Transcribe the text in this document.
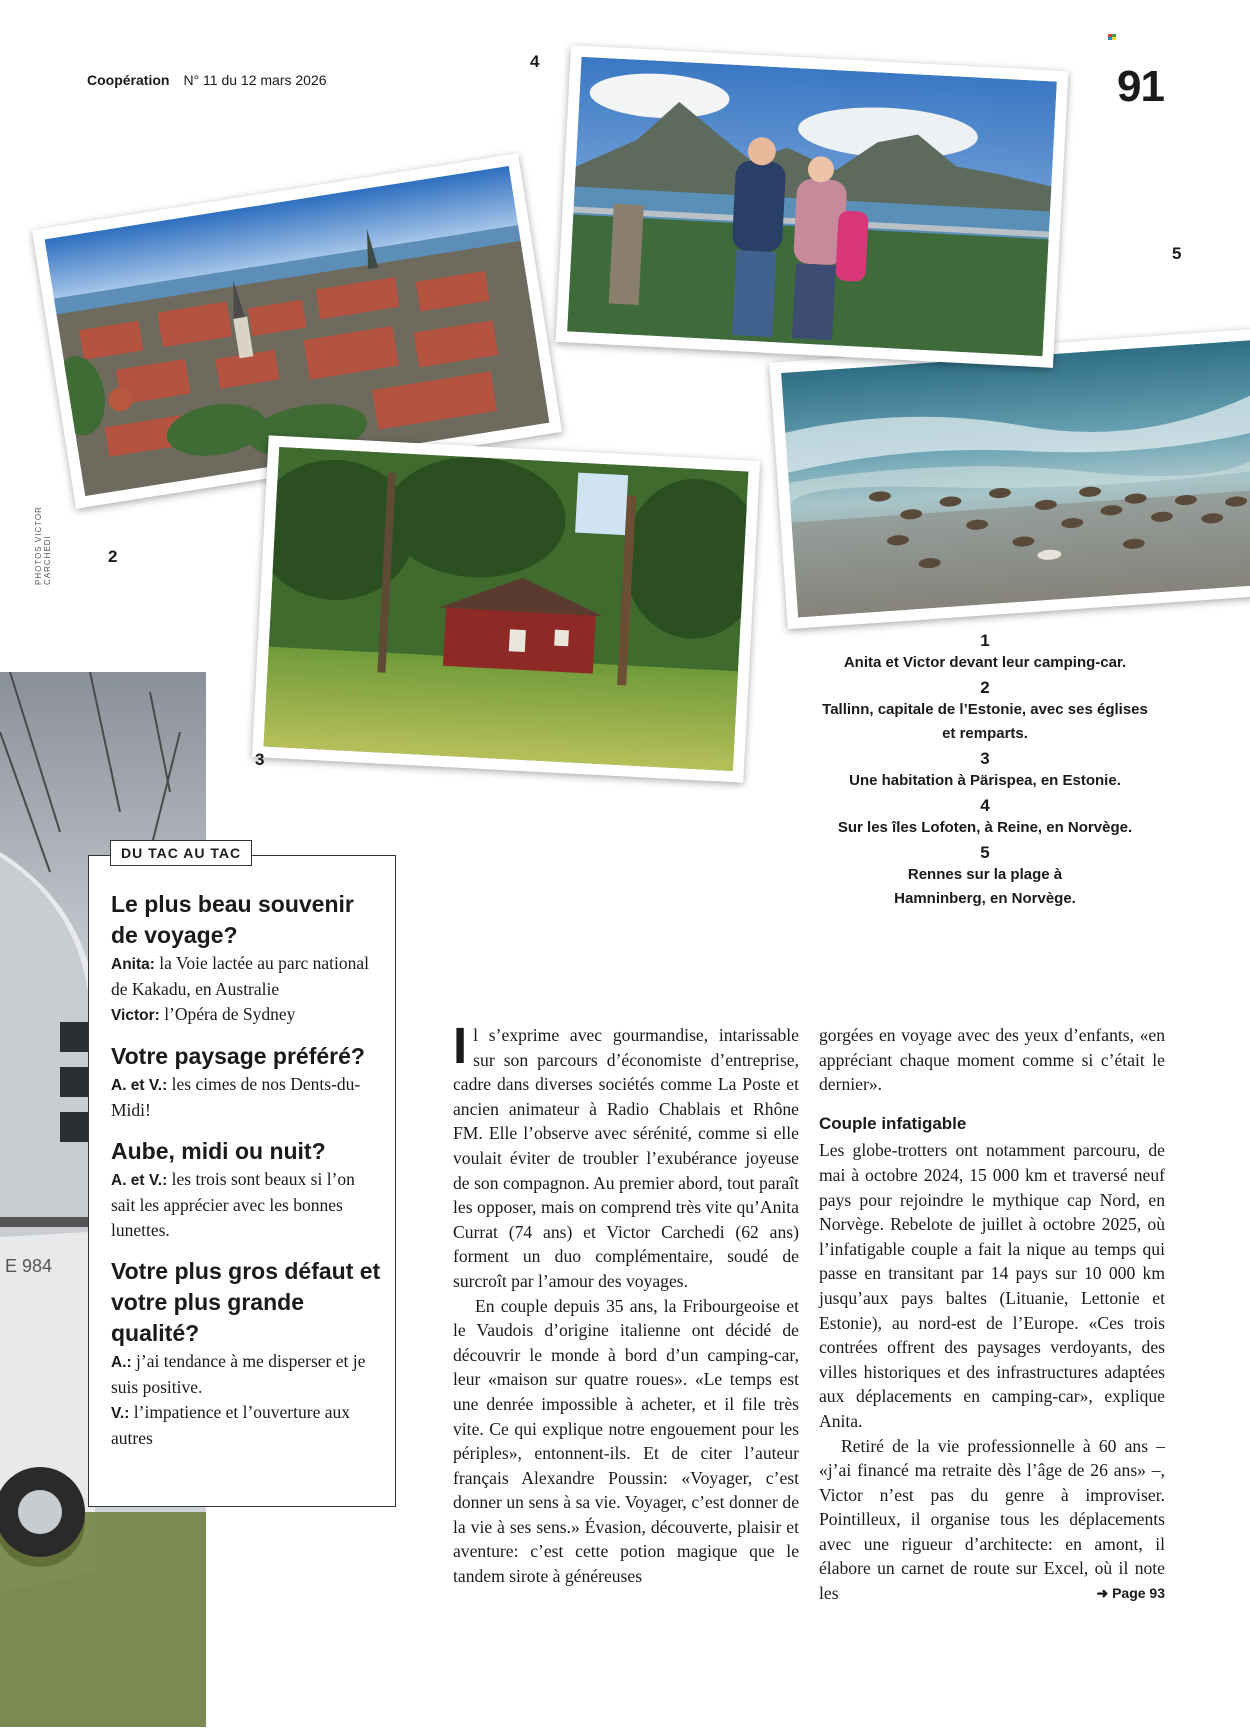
Coopération N° 11 du 12 mars 2026	91
PHOTOS VICTOR CARCHEDI
5
4
2
3
1
Anita et Victor devant leur camping-car.
2
Tallinn, capitale de l’Estonie, avec ses églises et remparts.
3
Une habitation à Pärispea, en Estonie.
4
Sur les îles Lofoten, à Reine, en Norvège.
5
Rennes sur la plage à Hamninberg, en Norvège.
E 984
DU TAC AU TAC

Le plus beau souvenir de voyage?

Anita: la Voie lactée au parc national de Kakadu, en Australie

Victor: l’Opéra de Sydney

Votre paysage préféré?

A. et V.: les cimes de nos Dents-du-Midi!

Aube, midi ou nuit?

A. et V.: les trois sont beaux si l’on sait les apprécier avec les bonnes lunettes.

Votre plus gros défaut et votre plus grande qualité?

A.: j’ai tendance à me disperser et je suis positive.

V.: l’impatience et l’ouverture aux autres

Il s’exprime avec gourmandise, intarissable sur son parcours d’économiste d’entreprise, cadre dans diverses sociétés comme La Poste et ancien animateur à Radio Chablais et Rhône FM. Elle l’observe avec sérénité, comme si elle voulait éviter de troubler l’exubérance joyeuse de son compagnon. Au premier abord, tout paraît les opposer, mais on comprend très vite qu’Anita Currat (74 ans) et Victor Carchedi (62 ans) forment un duo complémentaire, soudé de surcroît par l’amour des voyages.

En couple depuis 35 ans, la Fribourgeoise et le Vaudois d’origine italienne ont décidé de découvrir le monde à bord d’un camping-car, leur «maison sur quatre roues». «Le temps est une denrée impossible à acheter, et il file très vite. Ce qui explique notre engouement pour les périples», entonnent-ils. Et de citer l’auteur français Alexandre Poussin: «Voyager, c’est donner un sens à sa vie. Voyager, c’est donner de la vie à ses sens.» Évasion, découverte, plaisir et aventure: c’est cette potion magique que le tandem sirote à généreuses

gorgées en voyage avec des yeux d’enfants, «en appréciant chaque moment comme si c’était le dernier».

Couple infatigable

Les globe-trotters ont notamment parcouru, de mai à octobre 2024, 15 000 km et traversé neuf pays pour rejoindre le mythique cap Nord, en Norvège. Rebelote de juillet à octobre 2025, où l’infatigable couple a fait la nique au temps qui passe en transitant par 14 pays sur 10 000 km jusqu’aux pays baltes (Lituanie, Lettonie et Estonie), au nord-est de l’Europe. «Ces trois contrées offrent des paysages verdoyants, des villes historiques et des infrastructures adaptées aux déplacements en camping-car», explique Anita.

Retiré de la vie professionnelle à 60 ans – «j’ai financé ma retraite dès l’âge de 26 ans» –, Victor n’est pas du genre à improviser. Pointilleux, il organise tous les déplacements avec une rigueur d’architecte: en amont, il élabore un carnet de route sur Excel, où il note les	➜ Page 93
